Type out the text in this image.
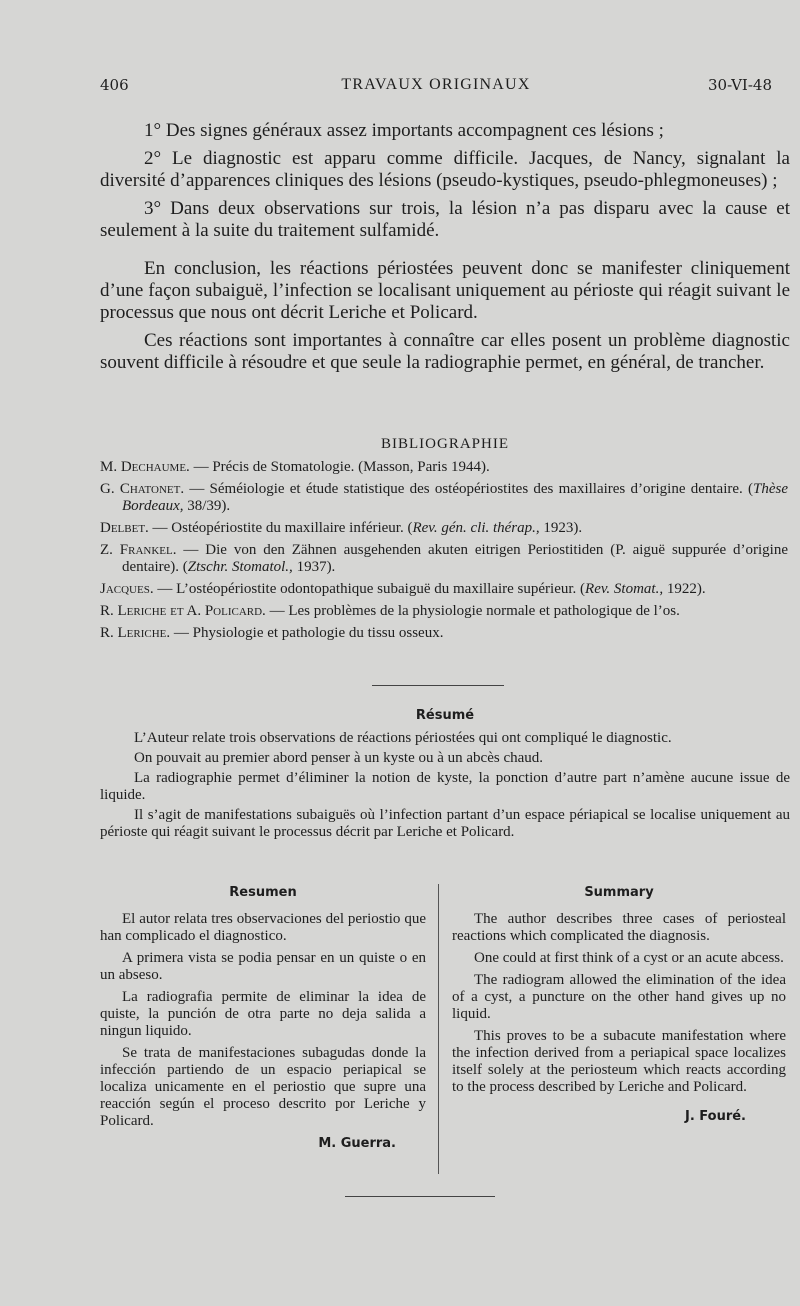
406	TRAVAUX ORIGINAUX	30-VI-48

1° Des signes généraux assez importants accompagnent ces lésions ;

2° Le diagnostic est apparu comme difficile. Jacques, de Nancy, signalant la diversité d’apparences cliniques des lésions (pseudo-kystiques, pseudo-phlegmoneuses) ;

3° Dans deux observations sur trois, la lésion n’a pas disparu avec la cause et seulement à la suite du traitement sulfamidé.

En conclusion, les réactions périostées peuvent donc se manifester cliniquement d’une façon subaiguë, l’infection se localisant uniquement au périoste qui réagit suivant le processus que nous ont décrit Leriche et Policard.

Ces réactions sont importantes à connaître car elles posent un problème diagnostic souvent difficile à résoudre et que seule la radiographie permet, en général, de trancher.

BIBLIOGRAPHIE
M. Dechaume. — Précis de Stomatologie. (Masson, Paris 1944).
G. Chatonet. — Séméiologie et étude statistique des ostéopériostites des maxillaires d’origine dentaire. (Thèse Bordeaux, 38/39).
Delbet. — Ostéopériostite du maxillaire inférieur. (Rev. gén. cli. thérap., 1923).
Z. Frankel. — Die von den Zähnen ausgehenden akuten eitrigen Periostitiden (P. aiguë suppurée d’origine dentaire). (Ztschr. Stomatol., 1937).
Jacques. — L’ostéopériostite odontopathique subaiguë du maxillaire supérieur. (Rev. Stomat., 1922).
R. Leriche et A. Policard. — Les problèmes de la physiologie normale et pathologique de l’os.
R. Leriche. — Physiologie et pathologie du tissu osseux.
Résumé

L’Auteur relate trois observations de réactions périostées qui ont compliqué le diagnostic.

On pouvait au premier abord penser à un kyste ou à un abcès chaud.

La radiographie permet d’éliminer la notion de kyste, la ponction d’autre part n’amène aucune issue de liquide.

Il s’agit de manifestations subaiguës où l’infection partant d’un espace périapical se localise uniquement au périoste qui réagit suivant le processus décrit par Leriche et Policard.

Resumen

El autor relata tres observaciones del periostio que han complicado el diagnostico.

A primera vista se podia pensar en un quiste o en un abseso.

La radiografia permite de eliminar la idea de quiste, la punción de otra parte no deja salida a ningun liquido.

Se trata de manifestaciones subagudas donde la infección partiendo de un espacio periapical se localiza unicamente en el periostio que supre una reacción según el proceso descrito por Leriche y Policard.

M. Guerra.
Summary

The author describes three cases of periosteal reactions which complicated the diagnosis.

One could at first think of a cyst or an acute abcess.

The radiogram allowed the elimination of the idea of a cyst, a puncture on the other hand gives up no liquid.

This proves to be a subacute manifestation where the infection derived from a periapical space localizes itself solely at the periosteum which reacts according to the process described by Leriche and Policard.

J. Fouré.
